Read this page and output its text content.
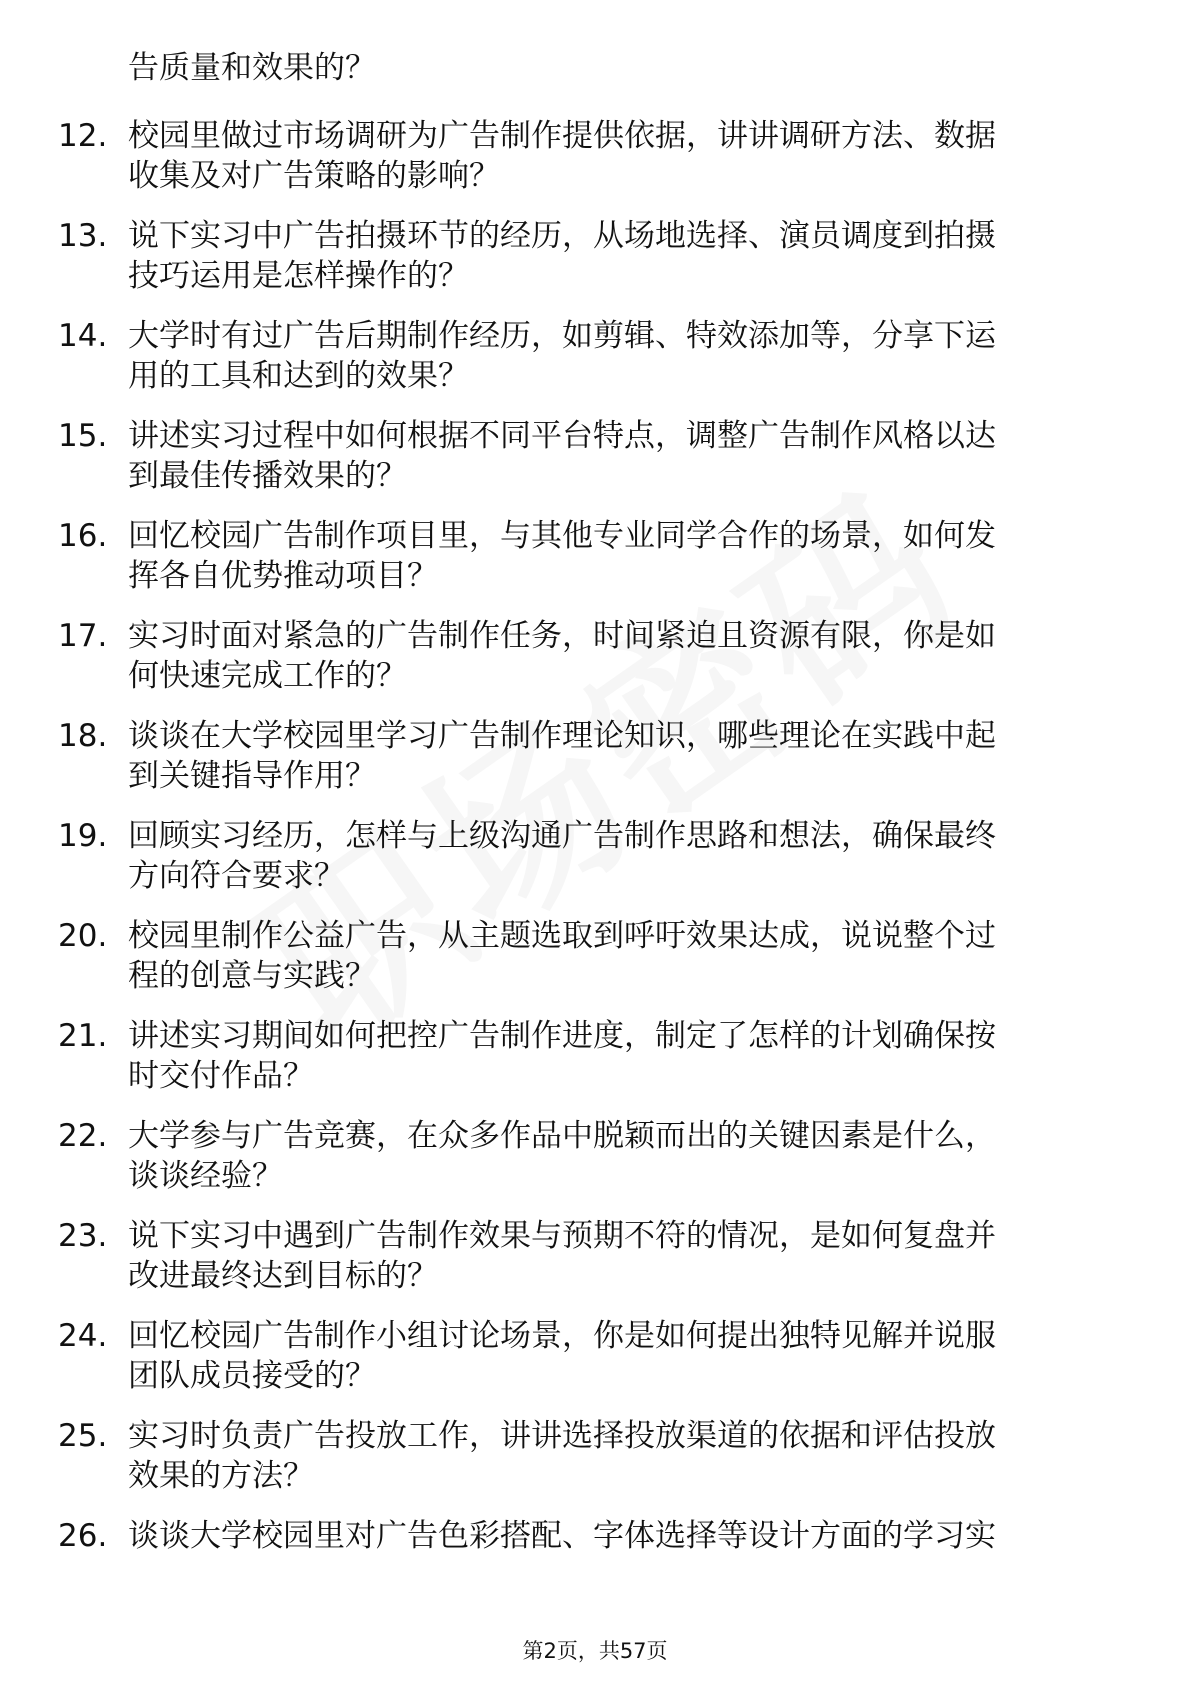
告质量和效果的？

12. 校园里做过市场调研为广告制作提供依据，讲讲调研方法、数据
收集及对广告策略的影响？
13. 说下实习中广告拍摄环节的经历，从场地选择、演员调度到拍摄
技巧运用是怎样操作的？
14. 大学时有过广告后期制作经历，如剪辑、特效添加等，分享下运
用的工具和达到的效果？
15. 讲述实习过程中如何根据不同平台特点，调整广告制作风格以达
到最佳传播效果的？
16. 回忆校园广告制作项目里，与其他专业同学合作的场景，如何发
挥各自优势推动项目？
17. 实习时面对紧急的广告制作任务，时间紧迫且资源有限，你是如
何快速完成工作的？
18. 谈谈在大学校园里学习广告制作理论知识，哪些理论在实践中起
到关键指导作用？
19. 回顾实习经历，怎样与上级沟通广告制作思路和想法，确保最终
方向符合要求？
20. 校园里制作公益广告，从主题选取到呼吁效果达成，说说整个过
程的创意与实践？
21. 讲述实习期间如何把控广告制作进度，制定了怎样的计划确保按
时交付作品？
22. 大学参与广告竞赛，在众多作品中脱颖而出的关键因素是什么，
谈谈经验？
23. 说下实习中遇到广告制作效果与预期不符的情况，是如何复盘并
改进最终达到目标的？
24. 回忆校园广告制作小组讨论场景，你是如何提出独特见解并说服
团队成员接受的？
25. 实习时负责广告投放工作，讲讲选择投放渠道的依据和评估投放
效果的方法？
26. 谈谈大学校园里对广告色彩搭配、字体选择等设计方面的学习实
第2页，共57页
